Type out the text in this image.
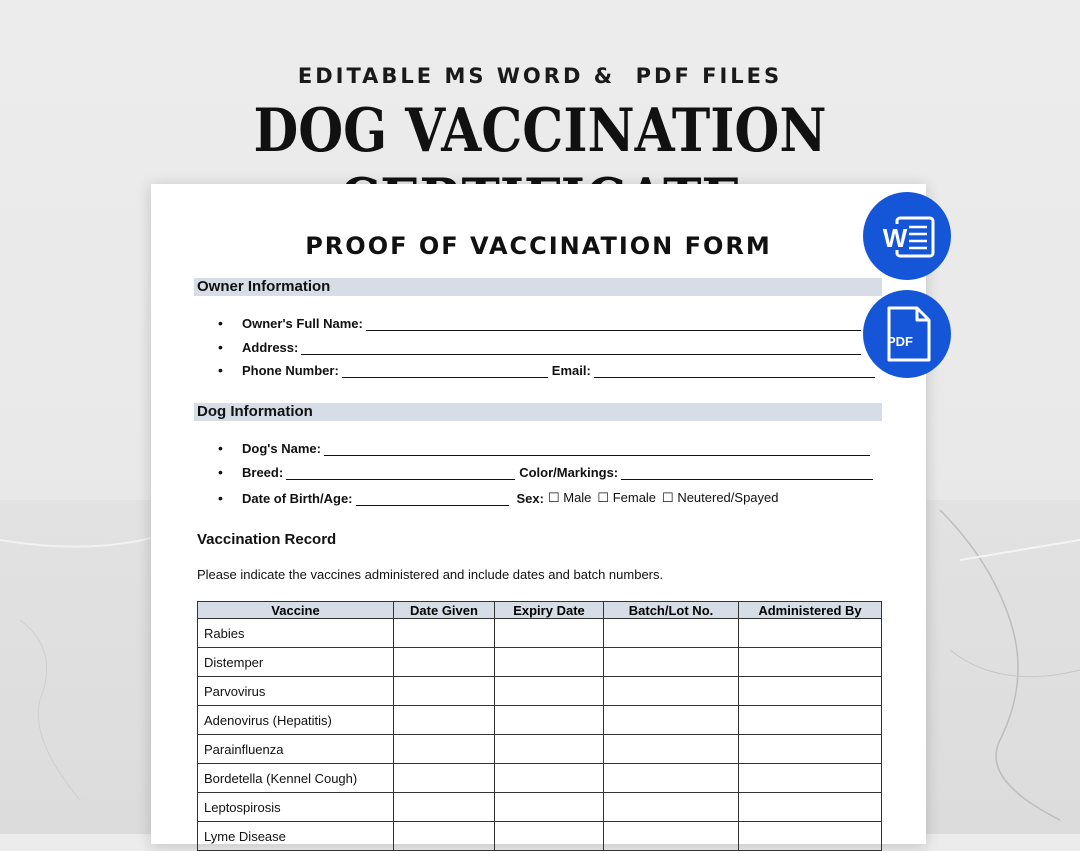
EDITABLE MS WORD &  PDF FILES
DOG VACCINATION
PROOF OF VACCINATION FORM
Owner Information
•	Owner's Full Name:
•	Address:
•	Phone Number:	Email:
Dog Information
•	Dog's Name:
•	Breed:	Color/Markings:
•	Date of Birth/Age:	Sex: ☐ Male ☐ Female ☐ Neutered/Spayed
Vaccination Record
Please indicate the vaccines administered and include dates and batch numbers.
Vaccine	Date Given	Expiry Date	Batch/Lot No.	Administered By
Rabies				
Distemper				
Parvovirus				
Adenovirus (Hepatitis)				
Parainfluenza				
Bordetella (Kennel Cough)				
Leptospirosis				
Lyme Disease				
W
PDF
